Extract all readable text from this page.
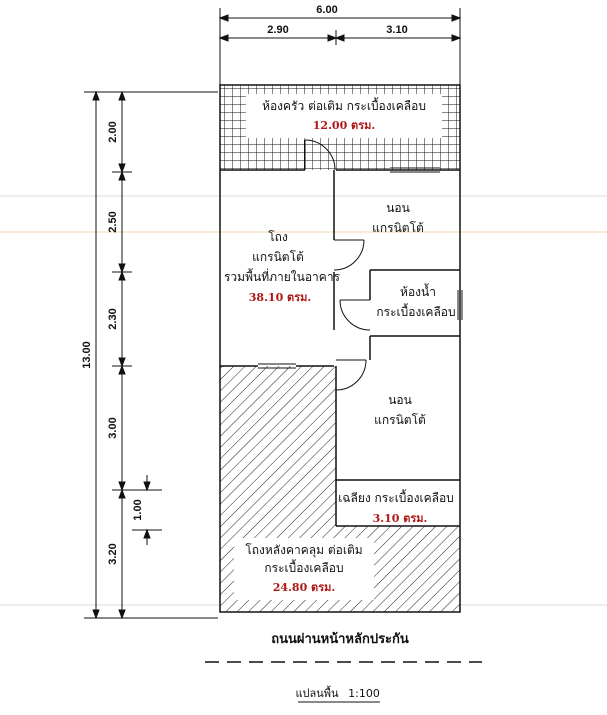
6.00
2.90	3.10
13.00
2.00
2.50
2.30
3.00
3.20
1.00
ห้องครัว ต่อเติม กระเบื้องเคลือบ
12.00 ตรม.
โถง
แกรนิตโต้
รวมพื้นที่ภายในอาคาร
38.10 ตรม.
นอน
แกรนิตโต้
ห้องน้ำ
กระเบื้องเคลือบ
นอน
แกรนิตโต้
เฉลียง กระเบื้องเคลือบ
3.10 ตรม.
โถงหลังคาคลุม ต่อเติม
กระเบื้องเคลือบ
24.80 ตรม.
ถนนผ่านหน้าหลักประกัน
แปลนพื้น 1:100
